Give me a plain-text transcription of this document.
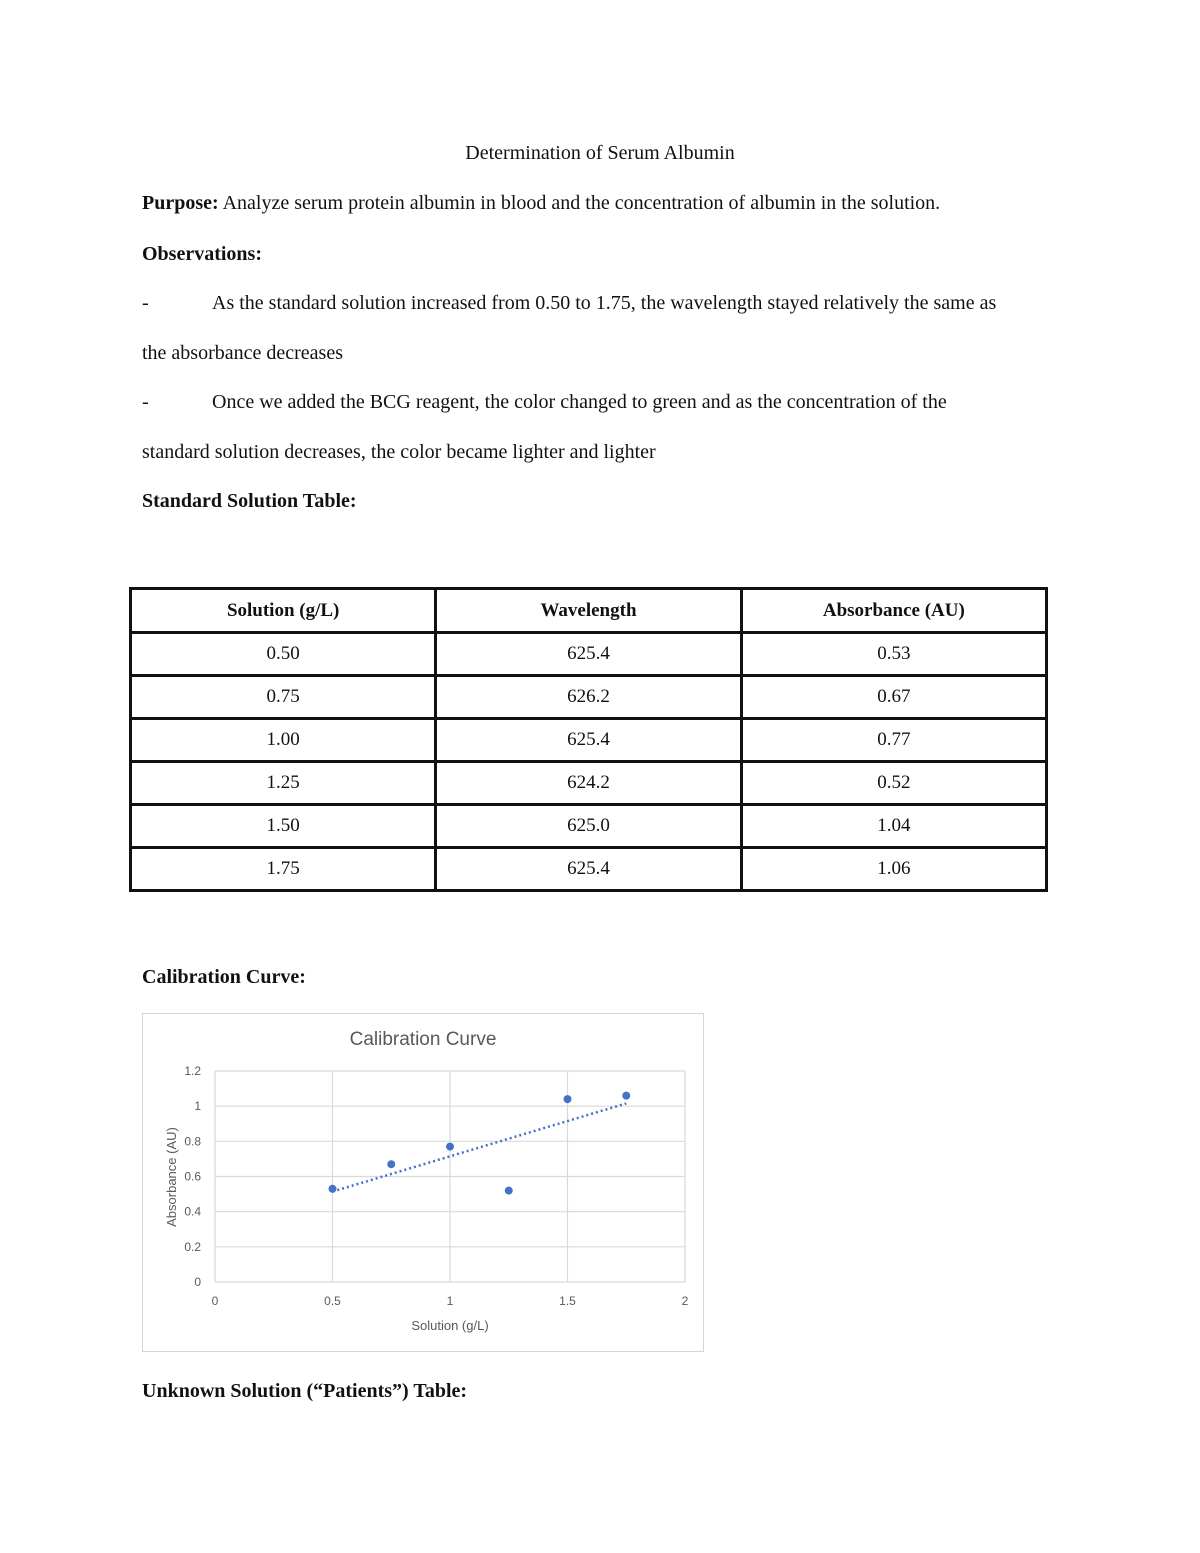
Determination of Serum Albumin
Purpose: Analyze serum protein albumin in blood and the concentration of albumin in the solution.
Observations:
-	As the standard solution increased from 0.50 to 1.75, the wavelength stayed relatively the same as
the absorbance decreases
-	Once we added the BCG reagent, the color changed to green and as the concentration of the
standard solution decreases, the color became lighter and lighter
Standard Solution Table:
Solution (g/L)	Wavelength	Absorbance (AU)
0.50	625.4	0.53
0.75	626.2	0.67
1.00	625.4	0.77
1.25	624.2	0.52
1.50	625.0	1.04
1.75	625.4	1.06
Calibration Curve:
Calibration Curve
Solution (g/L)
Absorbance (AU)
0
0.2
0.4
0.6
0.8
1
1.2
0	0.5	1	1.5	2
Unknown Solution (“Patients”) Table:
